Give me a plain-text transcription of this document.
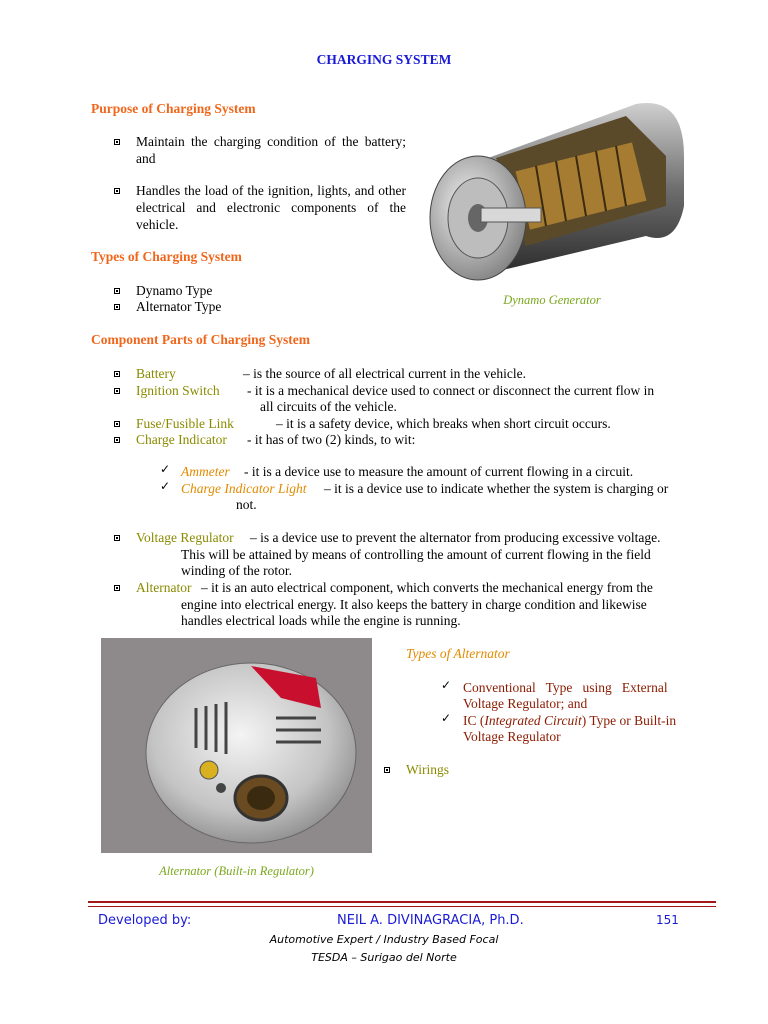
CHARGING SYSTEM
Purpose of Charging System
Maintain the charging condition of the battery; and
Handles the load of the ignition, lights, and other electrical and electronic components of the vehicle.
Types of Charging System
Dynamo Type
Alternator Type	Dynamo Generator
Component Parts of Charging System
Battery	– is the source of all electrical current in the vehicle.
Ignition Switch - it is a mechanical device used to connect or disconnect the current flow in
all circuits of the vehicle.
Fuse/Fusible Link	– it is a safety device, which breaks when short circuit occurs.
Charge Indicator - it has of two (2) kinds, to wit:
✓ Ammeter - it is a device use to measure the amount of current flowing in a circuit.
✓ Charge Indicator Light – it is a device use to indicate whether the system is charging or
not.
Voltage Regulator – is a device use to prevent the alternator from producing excessive voltage.
This will be attained by means of controlling the amount of current flowing in the field
winding of the rotor.
Alternator – it is an auto electrical component, which converts the mechanical energy from the
engine into electrical energy. It also keeps the battery in charge condition and likewise
handles electrical loads while the engine is running.
Alternator (Built-in Regulator)
Types of Alternator
✓ Conventional   Type   using   External
Voltage Regulator; and
✓ IC (Integrated Circuit) Type or Built-in
Voltage Regulator
Wirings
Developed by:	NEIL A. DIVINAGRACIA, Ph.D.	151
Automotive Expert / Industry Based Focal
TESDA – Surigao del Norte
